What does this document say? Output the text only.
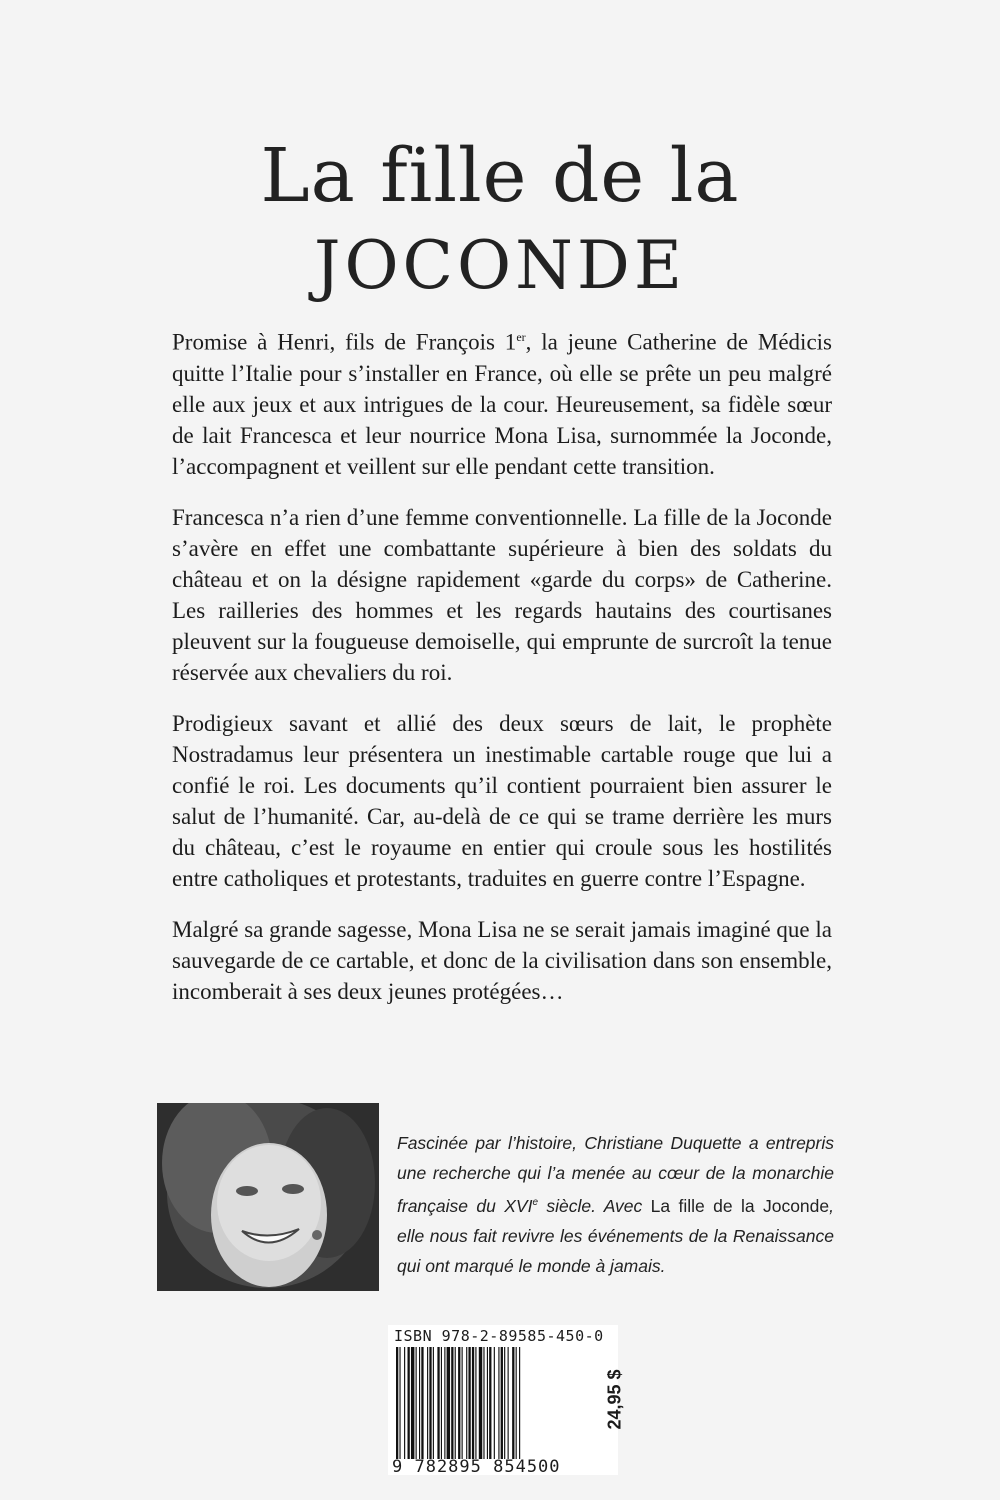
La fille de la
JOCONDE

Promise à Henri, fils de François 1er, la jeune Catherine de Médicis quitte l’Italie pour s’installer en France, où elle se prête un peu malgré elle aux jeux et aux intrigues de la cour. Heureusement, sa fidèle sœur de lait Francesca et leur nourrice Mona Lisa, surnommée la Joconde, l’accompagnent et veillent sur elle pendant cette transition.

Francesca n’a rien d’une femme conventionnelle. La fille de la Joconde s’avère en effet une combattante supérieure à bien des soldats du château et on la désigne rapidement «garde du corps» de Catherine. Les railleries des hommes et les regards hautains des courtisanes pleuvent sur la fougueuse demoiselle, qui emprunte de surcroît la tenue réservée aux chevaliers du roi.

Prodigieux savant et allié des deux sœurs de lait, le prophète Nostradamus leur présentera un inestimable cartable rouge que lui a confié le roi. Les documents qu’il contient pourraient bien assurer le salut de l’humanité. Car, au-delà de ce qui se trame derrière les murs du château, c’est le royaume en entier qui croule sous les hostilités entre catholiques et protestants, traduites en guerre contre l’Espagne.

Malgré sa grande sagesse, Mona Lisa ne se serait jamais imaginé que la sauvegarde de ce cartable, et donc de la civilisation dans son ensemble, incomberait à ses deux jeunes protégées…

Fascinée par l’histoire, Christiane Duquette a entrepris une recherche qui l’a menée au cœur de la monarchie française du XVIe siècle. Avec La fille de la Joconde, elle nous fait revivre les événements de la Renaissance qui ont marqué le monde à jamais.
ISBN 978-2-89585-450-0
9 782895 854500
24,95 $
